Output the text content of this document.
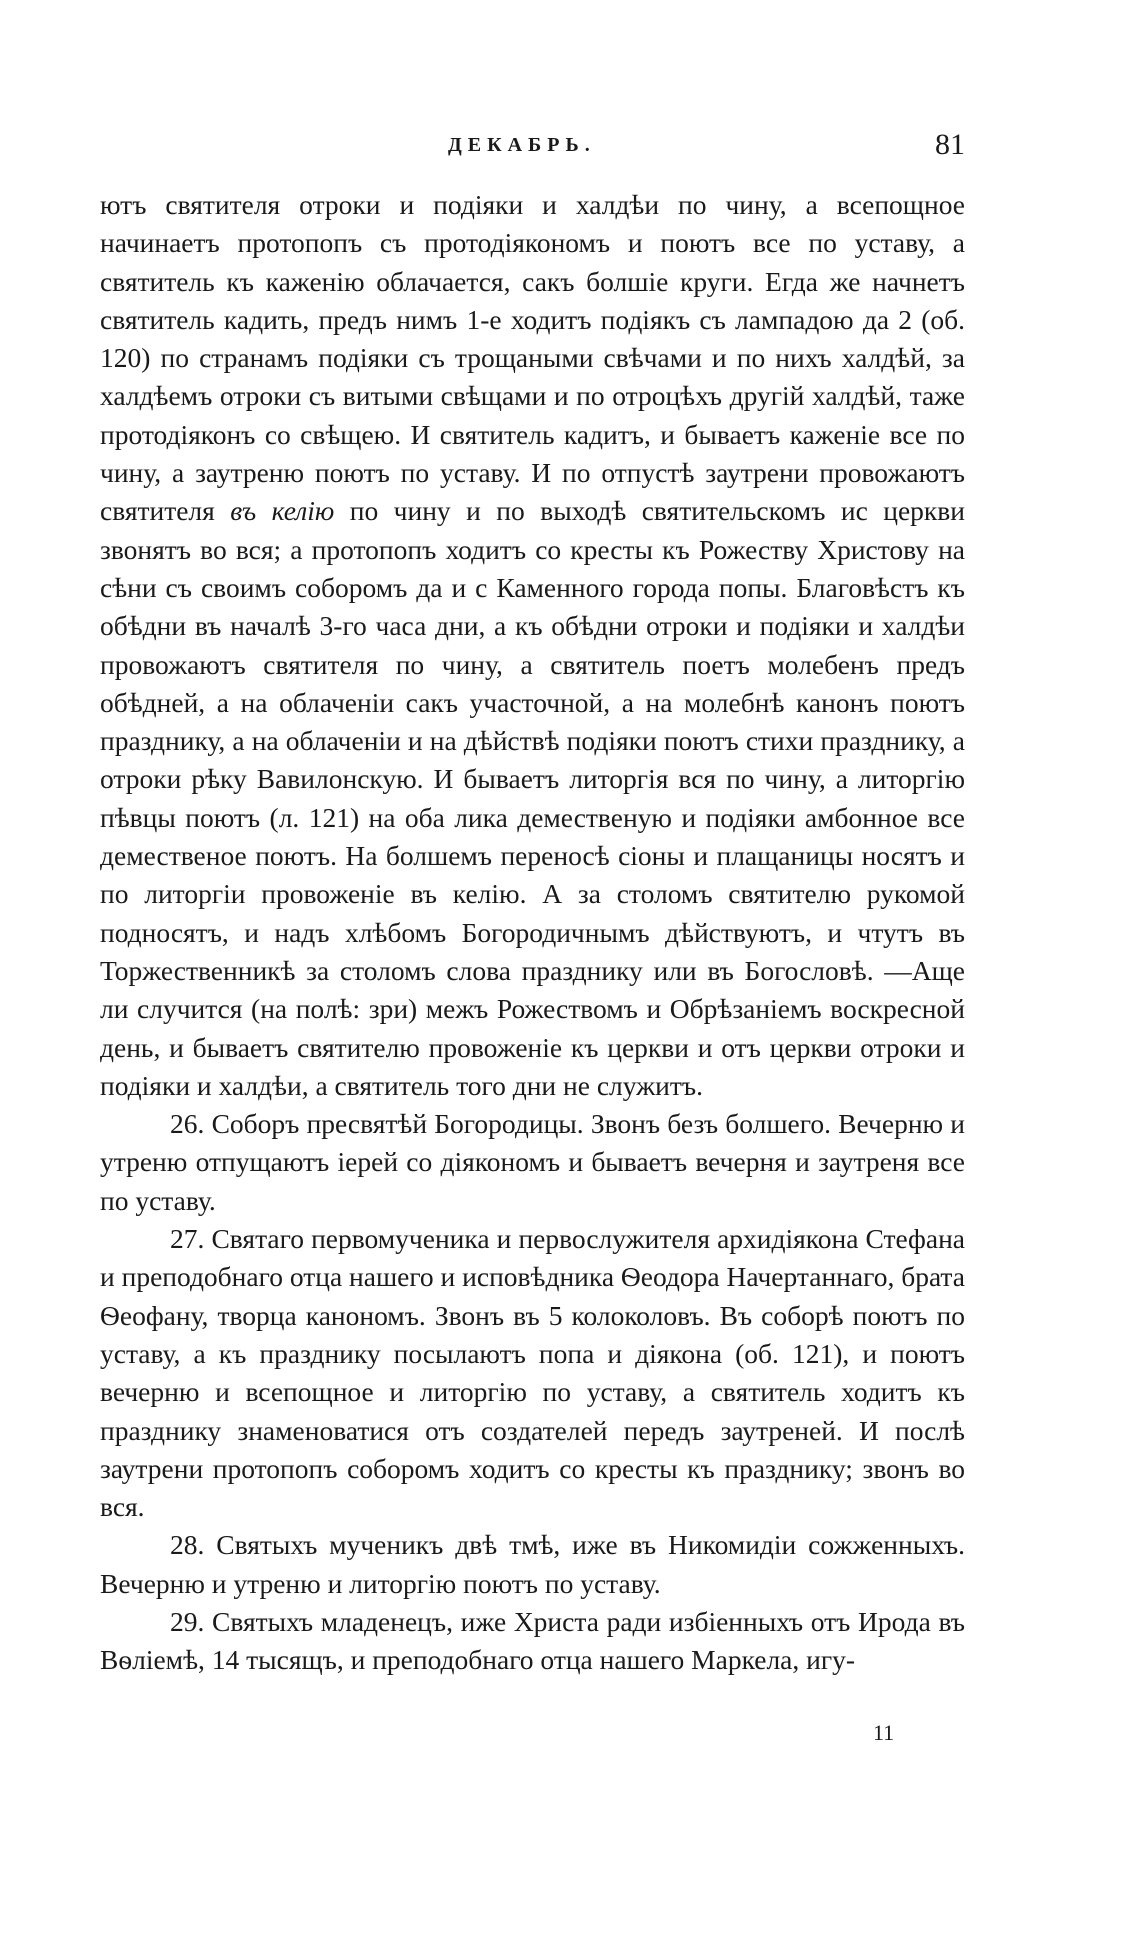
ДЕКАБРЬ.	81

ютъ святителя отроки и подіяки и халдѣи по чину, а всепощное начинаетъ протопопъ съ протодіякономъ и поютъ все по уставу, а святитель къ каженію облачается, сакъ болшіе круги. Егда же начнетъ святитель кадить, предъ нимъ 1-е ходитъ подіякъ съ лампадою да 2 (об. 120) по странамъ подіяки съ трощаными свѣчами и по нихъ халдѣй, за халдѣемъ отроки съ витыми свѣщами и по отроцѣхъ другій халдѣй, таже протодіяконъ со свѣщею. И святитель кадитъ, и бываетъ каженіе все по чину, а заутреню поютъ по уставу. И по отпустѣ заутрени провожаютъ святителя въ келію по чину и по выходѣ святительскомъ ис церкви звонятъ во вся; а протопопъ ходитъ со кресты къ Рожеству Христову на сѣни съ своимъ соборомъ да и с Каменного города попы. Благовѣстъ къ обѣдни въ началѣ 3-го часа дни, а къ обѣдни отроки и подіяки и халдѣи провожаютъ святителя по чину, а святитель поетъ молебенъ предъ обѣдней, а на облаченіи сакъ участочной, а на молебнѣ канонъ поютъ празднику, а на облаченіи и на дѣйствѣ подіяки поютъ стихи празднику, а отроки рѣку Вавилонскую. И бываетъ литоргія вся по чину, а литоргію пѣвцы поютъ (л. 121) на оба лика демественую и подіяки амбонное все демественое поютъ. На болшемъ переносѣ сіоны и плащаницы носятъ и по литоргіи провоженіе въ келію. А за столомъ святителю рукомой подносятъ, и надъ хлѣбомъ Богородичнымъ дѣйствуютъ, и чтутъ въ Торжественникѣ за столомъ слова празднику или въ Богословѣ. —Аще ли случится (на полѣ: зри) межъ Рожествомъ и Обрѣзаніемъ воскресной день, и бываетъ святителю провоженіе къ церкви и отъ церкви отроки и подіяки и халдѣи, а святитель того дни не служитъ.

26. Соборъ пресвятѣй Богородицы. Звонъ безъ болшего. Вечерню и утреню отпущаютъ іерей со діякономъ и бываетъ вечерня и заутреня все по уставу.

27. Святаго первомученика и первослужителя архидіякона Стефана и преподобнаго отца нашего и исповѣдника Ѳеодора Начертаннаго, брата Ѳеофану, творца канономъ. Звонъ въ 5 колоколовъ. Въ соборѣ поютъ по уставу, а къ празднику посылаютъ попа и діякона (об. 121), и поютъ вечерню и всепощное и литоргію по уставу, а святитель ходитъ къ празднику знаменоватися отъ создателей передъ заутреней. И послѣ заутрени протопопъ соборомъ ходитъ со кресты къ празднику; звонъ во вся.

28. Святыхъ мученикъ двѣ тмѣ, иже въ Никомидіи сожженныхъ. Вечерню и утреню и литоргію поютъ по уставу.

29. Святыхъ младенецъ, иже Христа ради избіенныхъ отъ Ирода въ Вѳліемѣ, 14 тысящъ, и преподобнаго отца нашего Маркела, игу-

11
